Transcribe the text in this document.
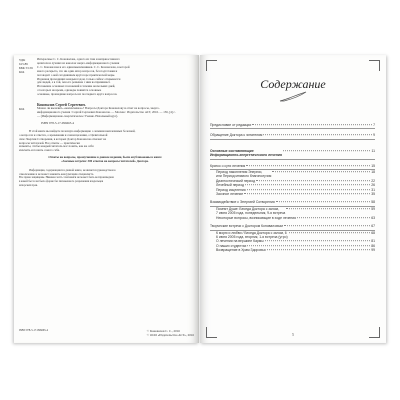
УДК 615.89
ББК 53.59
К64
Интересные С. С. Коновалова, одного из глав и неправославного
целителя и лучших из каналов энерго-информационного учения
С. С. Коновалова и его единомышленников. С. С. Коновалова, в которой
много раскрыто, что ни один автор вопросов, без подготовки и
поговорит о ней сегодняшнем кругозоре практической меры.
Изданная проходящих каждым годом, только сейчас открывается
для людей, а в той, чем его решение с ним воспринимает.
Изложение основных положений в течение нескольких дней,
от которых на время, однажды появятся основные
основные, прошедшие вопросы из последнего круга вопросов.
Коновалов Сергей Сергеевич.
К64	Можно ли вылечить «неизлечимое»? Вопросы Доктора Коновалову и ответ на вопросы, энерго-
информационного учения / Сергей Сергеевич Коновалов. — Москва : Издательство АСТ, 2016. — 156, [4] с.
— (Информационно-энергетическое Учение. Начальный курс).
ISBN 978-5-17-096665-4

В этой книге вы найдете полезную информацию о лечении неизлечимых болезней,
о вопросах и ответах, о врачевании и самоисцелении, о Целительной
силе Энергии Сотворения, в которых Доктор Коновалов отвечает на
вопросы читателей. Все ответы — практически
моменты, чтобы каждый читатель мог понять, как же себя
излечить и познать самого себя.

Ответы на вопросы, прозвучавшие в данном издании, были опубликованы в книге
«Заочные встречи: 300 ответов на вопросы читателей» Доктора.

Информация, содержащаяся в данной книге, не является руководством к
самолечению и не может заменить консультацию специалиста.
Все права защищены. Никакая часть этой книги не может быть воспроизведена
в какой бы то ни было форме без письменного разрешения владельцев
авторских прав.

ISBN 978-5-17-096665-4	© Коновалов С. С., 2016
© ООО «Издательство АСТ», 2016
Содержание
Предисловие от редакции	7
Обращение Доктора к читателям	9
Основные составляющие
Информационно-энергетического лечения
11
Кратко о сути лечения	15
Период накопления Энергии,
или Период мнимого благополучия
18
Диагностический период	22
Лечебный период	26
Период исцеления	31
Заочное лечение	35
Взаимодействие с Энергией Сотворения	58
Помнят Душе: Беседа Доктора с залом,
7 июня 2005 года, понедельник, 9-я встреча
59
Некоторые вопросы, возникающие в ходе лечения	63
Творческие встречи с Доктором Коноваловым	67
К морю и любви / Беседа Доктора с залом, 6
6 июня 2005 года, вторник, 1-я встреча (утро)
68
О лечении на вершине Кармы	81
О наших студентах	86
Возвращение в Храм Здоровья	99
5
